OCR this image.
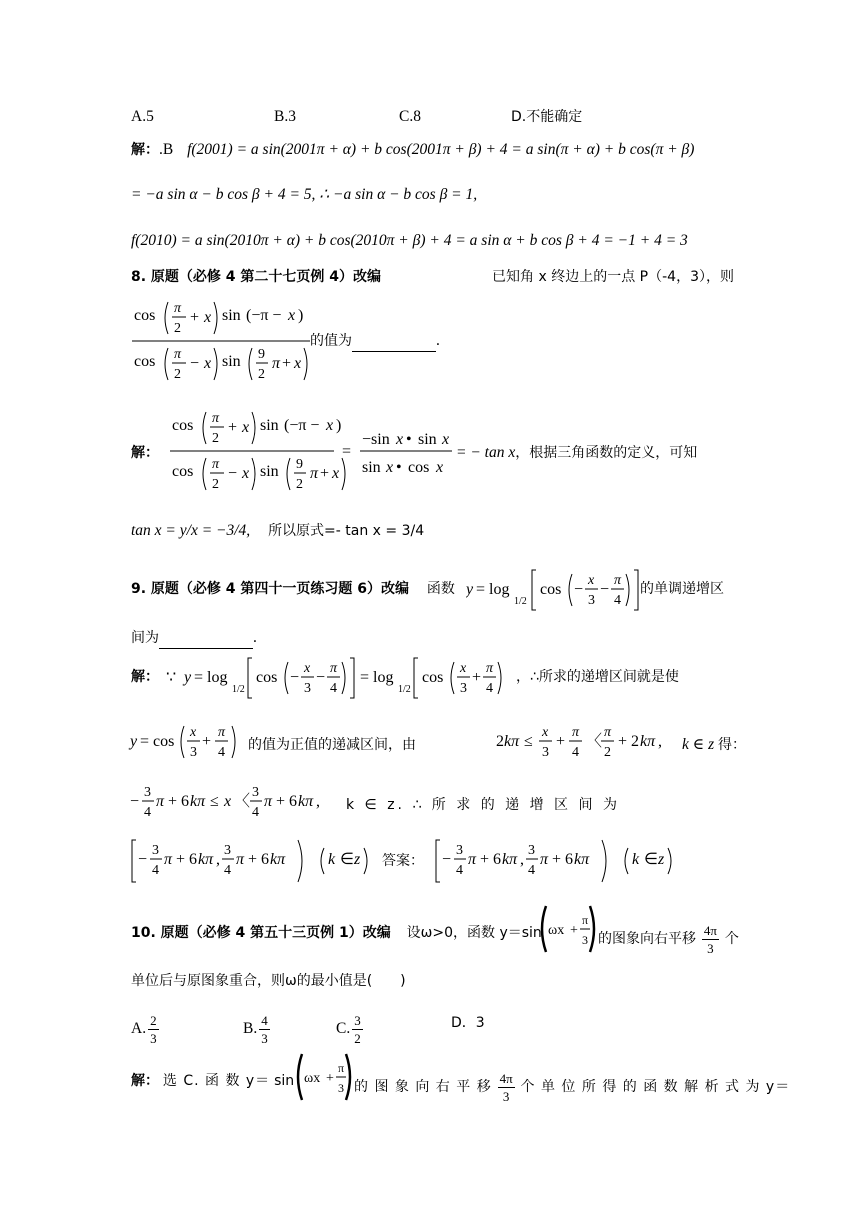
A.5	B.3	C.8	D.不能确定
解：.B f(2001) = a sin(2001π + α) + b cos(2001π + β) + 4 = a sin(π + α) + b cos(π + β)
= −a sin α − b cos β + 4 = 5, ∴ −a sin α − b cos β = 1,
f(2010) = a sin(2010π + α) + b cos(2010π + β) + 4 = a sin α + b cos β + 4 = −1 + 4 = 3
8. 原题（必修 4 第二十七页例 4）改编	已知角 x 终边上的一点 P（-4，3），则
cos π
2
+ x sin (−π − x )
cos π
2
− x sin 9
2
π + x
的值为	.
解：
cos π
2
+ x sin (−π − x )
cos π
2
− x sin 9
2
π + x
=
−sin x • sin x
sin x • cos x
= − tan x，根据三角函数的定义，可知
tan x = y/x = −3/4, 所以原式=- tan x = 3/4
9. 原题（必修 4 第四十一页练习题 6）改编 函数 y = log
1/2
cos −
x
3
−
π
4
的单调递增区
间为	.
解： ∵ y = log
1/2
cos −
x
3
−
π
4
= log
1/2
cos
x
3
+
π
4
，∴所求的递增区间就是使
y = cos
x
3
+
π
4 的值为正值的递减区间，由	2 kπ ≤
x
3
+
π
4
〈
π
2
+ 2 kπ , k ∈ z 得：
−
3
4
π + 6 kπ ≤ x 〈
3
4
π + 6 kπ , k ∈ z. ∴ 所 求 的 递 增 区 间 为
−
3
4
π + 6 kπ ,
3
4
π + 6 kπ	k ∈ z	−
3
4
π + 6 kπ ,
3
4
π + 6 kπ	k ∈ z
答案：
10. 原题（必修 4 第五十三页例 1）改编 设ω>0，函数 y＝sin ωx +
π
3 的图象向右平移 $\frac{4\pi}{3}$ 个
单位后与原图象重合，则ω的最小值是(　　)
A. $\frac{2}{3}$	B. $\frac{4}{3}$	C. $\frac{3}{2}$	D．3
解： 选 C. 函 数 y＝ sin ωx +
π
3 的 图 象 向 右 平 移 $\frac{4\pi}{3}$ 个 单 位 所 得 的 函 数 解 析 式 为 y＝
